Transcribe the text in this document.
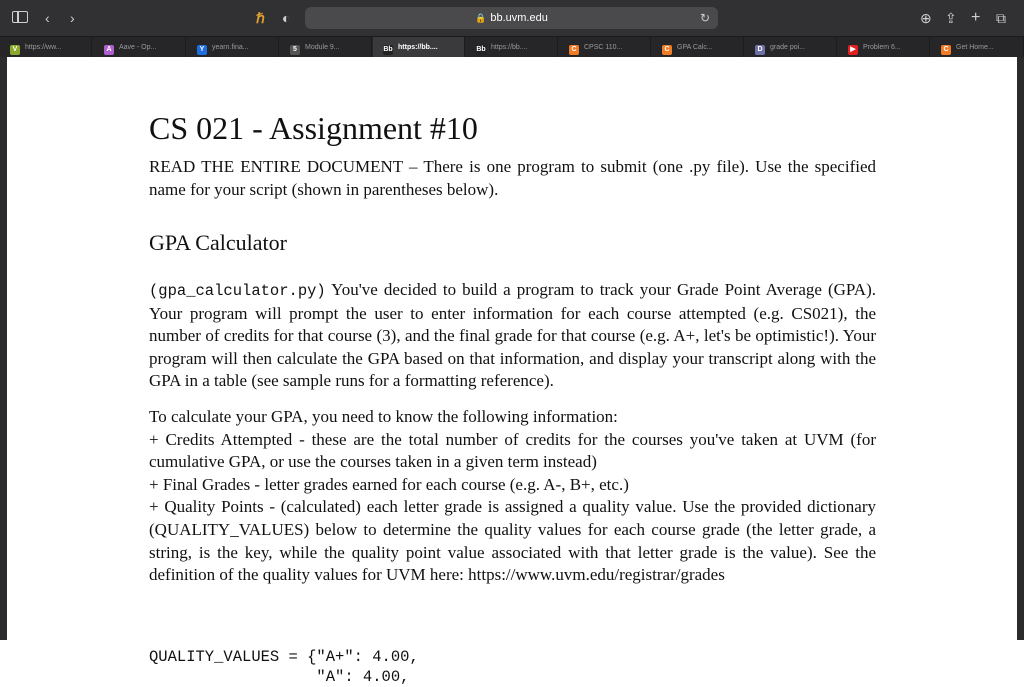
‹ ›	ℏ ◐	🔒 bb.uvm.edu	↻	⊕ ⇪ + ⧉
V https://ww...	A Aave - Op...	Y yearn.fina...	5 Module 9...	Bb https://bb....	Bb https://bb....	C CPSC 110...	C GPA Calc...	D grade poi...	▶ Problem 6...	C Get Home...
CS 021 - Assignment #10

READ THE ENTIRE DOCUMENT – There is one program to submit (one .py file). Use the specified name for your script (shown in parentheses below).

GPA Calculator

(gpa_calculator.py) You've decided to build a program to track your Grade Point Average (GPA). Your program will prompt the user to enter information for each course attempted (e.g. CS021), the number of credits for that course (3), and the final grade for that course (e.g. A+, let's be optimistic!). Your program will then calculate the GPA based on that information, and display your transcript along with the GPA in a table (see sample runs for a formatting reference).

To calculate your GPA, you need to know the following information:
+ Credits Attempted - these are the total number of credits for the courses you've taken at UVM (for cumulative GPA, or use the courses taken in a given term instead)
+ Final Grades - letter grades earned for each course (e.g. A-, B+, etc.)
+ Quality Points - (calculated) each letter grade is assigned a quality value. Use the provided dictionary (QUALITY_VALUES) below to determine the quality values for each course grade (the letter grade, a string, is the key, while the quality point value associated with that letter grade is the value). See the definition of the quality values for UVM here: https://www.uvm.edu/registrar/grades
QUALITY_VALUES = {"A+": 4.00,
"A": 4.00,
